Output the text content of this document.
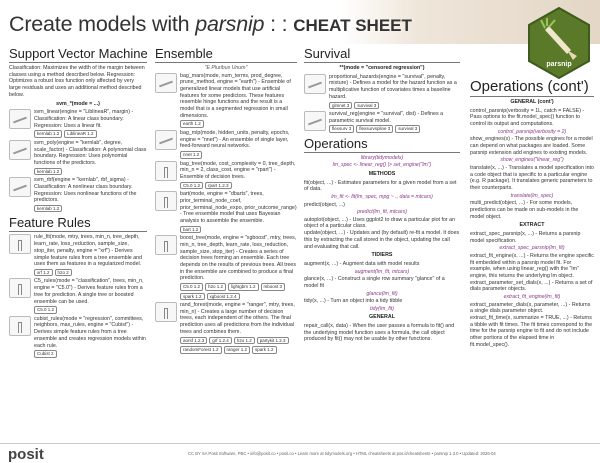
Create models with parsnip : : CHEAT SHEET
parsnip
Support Vector Machine
Classification: Maximizes the width of the margin between classes using a method described below. Regression: Optimizes a robust loss function only affected by very large residuals and uses an additional method described below.
svm_*(mode = ...)
svm_linear(engine = "LiblineaR", margin) - Classification: A linear class boundary. Regression: Uses a linear fit.
kernlab 1.2	LiblineaR 1.2
svm_poly(engine = "kernlab", degree, scale_factor) - Classification: A polynomial class boundary. Regression: Uses polynomial functions of the predictors.
kernlab 1.2
svm_rbf(engine = "kernlab", rbf_sigma) - Classification: A nonlinear class boundary. Regression: Uses nonlinear functions of the predictors.
kernlab 1.2
Feature Rules
rule_fit(mode, mtry, trees, min_n, tree_depth, learn_rate, loss_reduction, sample_size, stop_iter, penalty, engine = "xrf") - Derives simple feature rules from a tree ensemble and uses them as features in a regularized model.
xrf 1.2	h2o 2
C5_rules(mode = "classification", trees, min_n, engine = "C5.0") - Derives feature rules from a tree for prediction. A single tree or boosted ensemble can be used.
C5.0 1.2
cubist_rules(mode = "regression", committees, neighbors, max_rules, engine = "Cubist") - Derives simple feature rules from a tree ensemble and creates regression models within each rule.
Cubist 2
Ensemble
"E Pluribus Unum"
bag_mars(mode, num_terms, prod_degree, prune_method, engine = "earth") - Ensemble of generalized linear models that use artificial features for some predictors. These features resemble hinge functions and the result is a model that is a segmented regression in small dimensions.
earth 1.2
bag_mlp(mode, hidden_units, penalty, epochs, engine = "nnet") - An ensemble of single layer, feed-forward neural networks.
nnet 1.2
bag_tree(mode, cost_complexity = 0, tree_depth, min_n = 2, class_cost, engine = "rpart") - Ensemble of decision trees.
C5.0 1.2	rpart 1.2.3
bart(mode, engine = "dbarts", trees, prior_terminal_node_coef, prior_terminal_node_expo, prior_outcome_range) - Tree ensemble model that uses Bayesian analysis to assemble the ensemble.
bart 1.2
boost_tree(mode, engine = "xgboost", mtry, trees, min_n, tree_depth, learn_rate, loss_reduction, sample_size, stop_iter) - Creates a series of decision trees forming an ensemble. Each tree depends on the results of previous trees. All trees in the ensemble are combined to produce a final prediction.
C5.0 1.2	h2o 1.2	lightgbm 1.2	mboost 3
spark 1.2	xgboost 1.2.4
rand_forest(mode, engine = "ranger", mtry, trees, min_n) - Creates a large number of decision trees, each independent of the others. The final prediction uses all predictions from the individual trees and combines them.
aorsf 1.2.3	grf 1.2.4	h2o 1.2	partykit 1.2.3
randomForest 1.2	ranger 1.2	spark 1.2
Survival
**(mode = "censored regression")
proportional_hazards(engine = "survival", penalty, mixture) - Defines a model for the hazard function as a multiplicative function of covariates times a baseline hazard.
glmnet 3	survival 3
survival_reg(engine = "survival", dist) - Defines a parametric survival model.
flexsurv 3	flexsurvspline 3	survival 3
Operations
library(tidymodels)
lm_spec <- linear_reg() |> set_engine("lm")
METHODS
fit(object, ...) - Estimates parameters for a given model from a set of data.
lm_fit <- fit(lm_spec, mpg ~ ., data = mtcars)
predict(object, ...)
predict(lm_fit, mtcars)
autoplot(object, ...) - Uses ggplot2 to draw a particular plot for an object of a particular class.
update(object, ...) - Updates and (by default) re-fit a model. It does this by extracting the call stored in the object, updating the call and evaluating that call.
TIDIERS
augment(x, ...) - Augment data with model results
augment(lm_fit, mtcars)
glance(x, ...) - Construct a single row summary "glance" of a model fit
glance(lm_fit)
tidy(x, ...) - Turn an object into a tidy tibble
tidy(lm_fit)
GENERAL
repair_call(x, data) - When the user passes a formula to fit() and the underlying model function uses a formula, the call object produced by fit() may not be usable by other functions.
Operations (cont')
GENERAL (cont')
control_parsnip(verbosity = 1L, catch = FALSE) - Pass options to the fit.model_spec() function to control its output and computations.
control_parsnip(verbosity = 2)
show_engines(x) - The possible engines for a model can depend on what packages are loaded. Some parsnip extension add engines to existing models.
show_engines("linear_reg")
translate(x, ...) - Translates a model specification into a code object that is specific to a particular engine (e.g. R package). It translates generic parameters to their counterparts.
translate(lm_spec)
multi_predict(object, ...) - For some models, predictions can be made on sub-models in the model object.
EXTRACT
extract_spec_parsnip(x, ...) - Returns a parsnip model specification.
extract_spec_parsnip(lm_fit)
extract_fit_engine(x, ...) - Returns the engine specific fit embedded within a parsnip model fit. For example, when using linear_reg() with the "lm" engine, this returns the underlying lm object.
extract_parameter_set_dials(x, ...) - Returns a set of dials parameter objects.
extract_fit_engine(lm_fit)
extract_parameter_dials(x, parameter, ...) - Returns a single dials parameter object.
extract_fit_time(x, summarize = TRUE, ...) - Returns a tibble with fit times. The fit times correspond to the time for the parsnip engine to fit and do not include other portions of the elapsed time in fit.model_spec().
posit	CC BY SA Posit Software, PBC • info@posit.co • posit.co • Learn more at tidymodels.org • HTML cheatsheets at pos.it/cheatsheets • parsnip 1.3.0 • Updated: 2026-04
